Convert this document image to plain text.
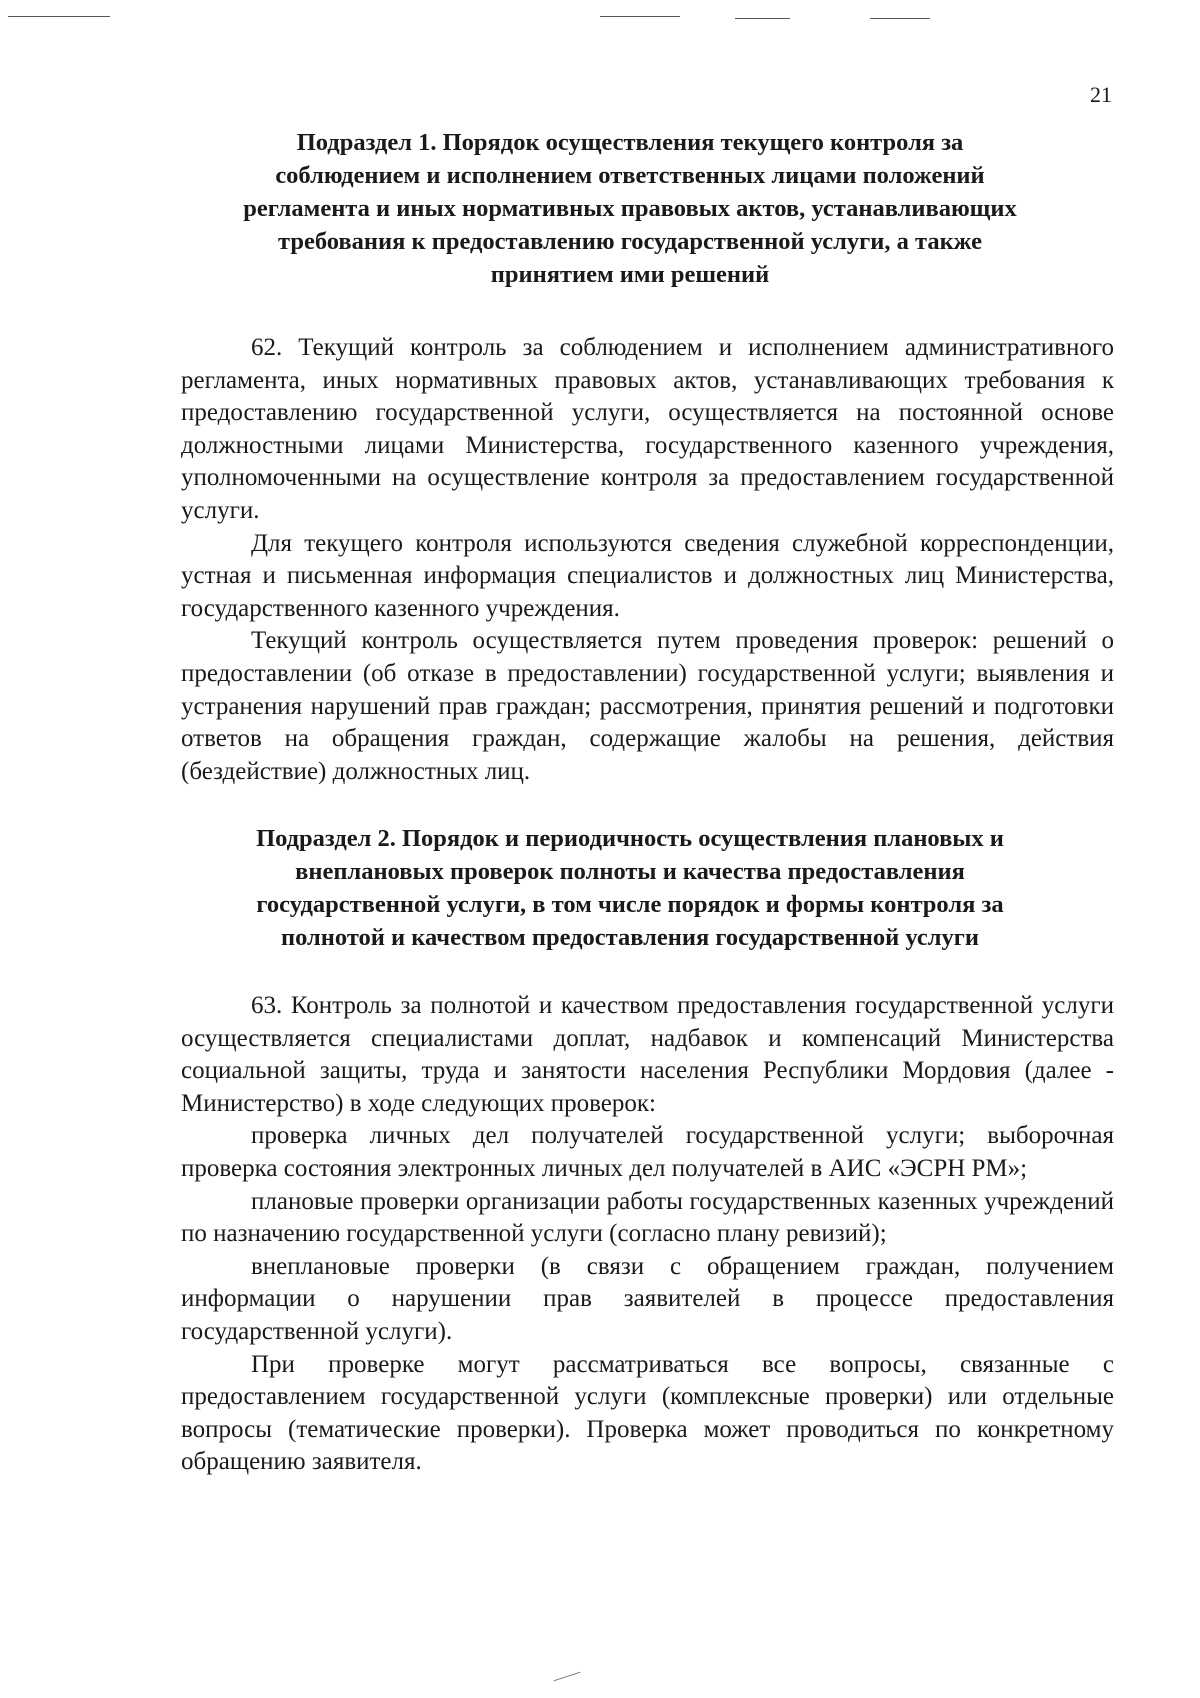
21
Подраздел 1. Порядок осуществления текущего контроля за
соблюдением и исполнением ответственных лицами положений
регламента и иных нормативных правовых актов, устанавливающих
требования к предоставлению государственной услуги, а также
принятием ими решений

62. Текущий контроль за соблюдением и исполнением административного регламента, иных нормативных правовых актов, устанавливающих требования к предоставлению государственной услуги, осуществляется на постоянной основе должностными лицами Министерства, государственного казенного учреждения, уполномоченными на осуществление контроля за предоставлением государственной услуги.

Для текущего контроля используются сведения служебной корреспонденции, устная и письменная информация специалистов и должностных лиц Министерства, государственного казенного учреждения.

Текущий контроль осуществляется путем проведения проверок: решений о предоставлении (об отказе в предоставлении) государственной услуги; выявления и устранения нарушений прав граждан; рассмотрения, принятия решений и подготовки ответов на обращения граждан, содержащие жалобы на решения, действия (бездействие) должностных лиц.

Подраздел 2. Порядок и периодичность осуществления плановых и
внеплановых проверок полноты и качества предоставления
государственной услуги, в том числе порядок и формы контроля за
полнотой и качеством предоставления государственной услуги

63. Контроль за полнотой и качеством предоставления государственной услуги осуществляется специалистами доплат, надбавок и компенсаций Министерства социальной защиты, труда и занятости населения Республики Мордовия (далее - Министерство) в ходе следующих проверок:

проверка личных дел получателей государственной услуги; выборочная проверка состояния электронных личных дел получателей в АИС «ЭСРН РМ»;

плановые проверки организации работы государственных казенных учреждений по назначению государственной услуги (согласно плану ревизий);

внеплановые проверки (в связи с обращением граждан, получением информации о нарушении прав заявителей в процессе предоставления государственной услуги).

При проверке могут рассматриваться все вопросы, связанные с предоставлением государственной услуги (комплексные проверки) или отдельные вопросы (тематические проверки). Проверка может проводиться по конкретному обращению заявителя.
